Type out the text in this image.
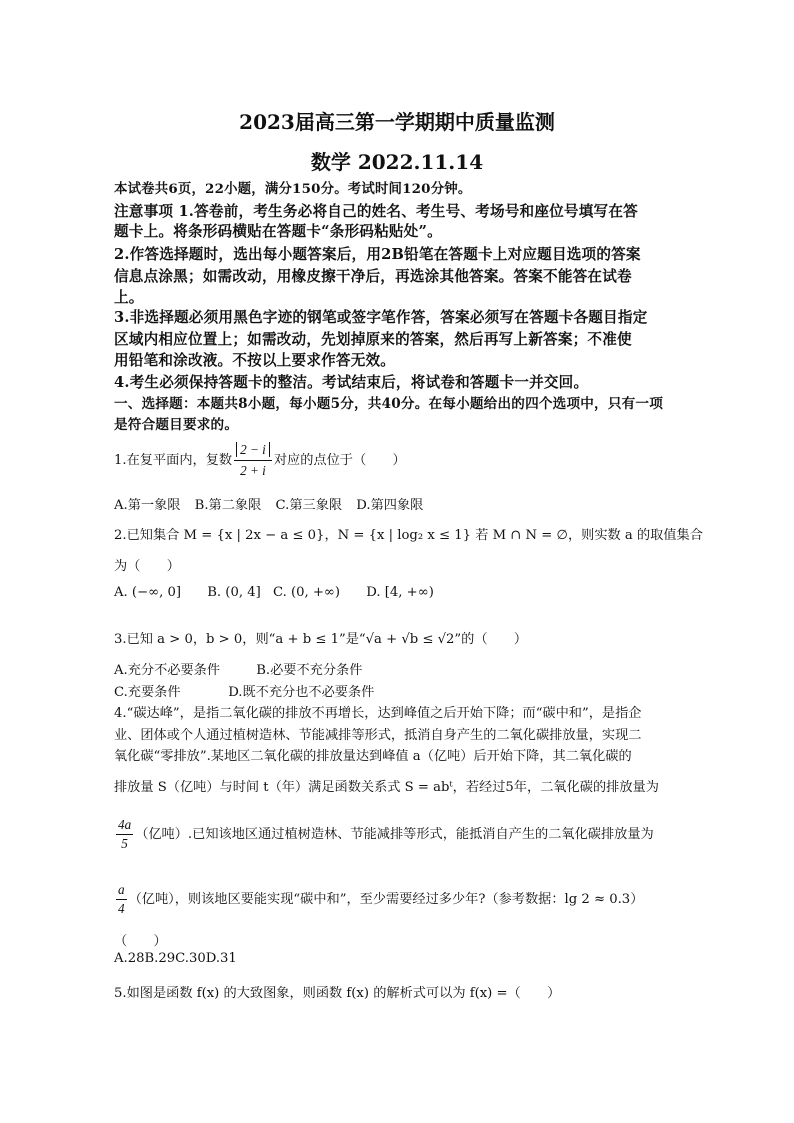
2023届高三第一学期期中质量监测
数学 2022.11.14
本试卷共6页，22小题，满分150分。考试时间120分钟。
注意事项 1.答卷前，考生务必将自己的姓名、考生号、考场号和座位号填写在答
题卡上。将条形码横贴在答题卡“条形码粘贴处”。
2.作答选择题时，选出每小题答案后，用2B铅笔在答题卡上对应题目选项的答案
信息点涂黑；如需改动，用橡皮擦干净后，再选涂其他答案。答案不能答在试卷
上。
3.非选择题必须用黑色字迹的钢笔或签字笔作答，答案必须写在答题卡各题目指定
区域内相应位置上；如需改动，先划掉原来的答案，然后再写上新答案；不准使
用铅笔和涂改液。不按以上要求作答无效。
4.考生必须保持答题卡的整洁。考试结束后，将试卷和答题卡一并交回。
一、选择题：本题共8小题，每小题5分，共40分。在每小题给出的四个选项中，只有一项
是符合题目要求的。
1.在复平面内，复数 $\frac{2 - i}{2 + i}$ 对应的点位于（　　）
A.第一象限 B.第二象限 C.第三象限 D.第四象限
2.已知集合 M = {x | 2x − a ≤ 0}，N = {x | log₂ x ≤ 1} 若 M ∩ N = ∅，则实数 a 的取值集合
为（　　）
A. (−∞, 0] B. (0, 4] C. (0, +∞) D. [4, +∞)
3.已知 a > 0，b > 0，则“a + b ≤ 1”是“√a + √b ≤ √2”的（　　）
A.充分不必要条件	B.必要不充分条件
C.充要条件	D.既不充分也不必要条件
4.“碳达峰”，是指二氧化碳的排放不再增长，达到峰值之后开始下降；而“碳中和”，是指企
业、团体或个人通过植树造林、节能减排等形式，抵消自身产生的二氧化碳排放量，实现二
氧化碳“零排放”.某地区二氧化碳的排放量达到峰值 a（亿吨）后开始下降，其二氧化碳的
排放量 S（亿吨）与时间 t（年）满足函数关系式 S = abᵗ，若经过5年，二氧化碳的排放量为
$\frac{4a}{5}$ （亿吨）.已知该地区通过植树造林、节能减排等形式，能抵消自产生的二氧化碳排放量为
$\frac{a}{4}$ （亿吨），则该地区要能实现“碳中和”，至少需要经过多少年?（参考数据：lg 2 ≈ 0.3）
（　　）
A.28B.29C.30D.31
5.如图是函数 f(x) 的大致图象，则函数 f(x) 的解析式可以为 f(x) =（　　）
